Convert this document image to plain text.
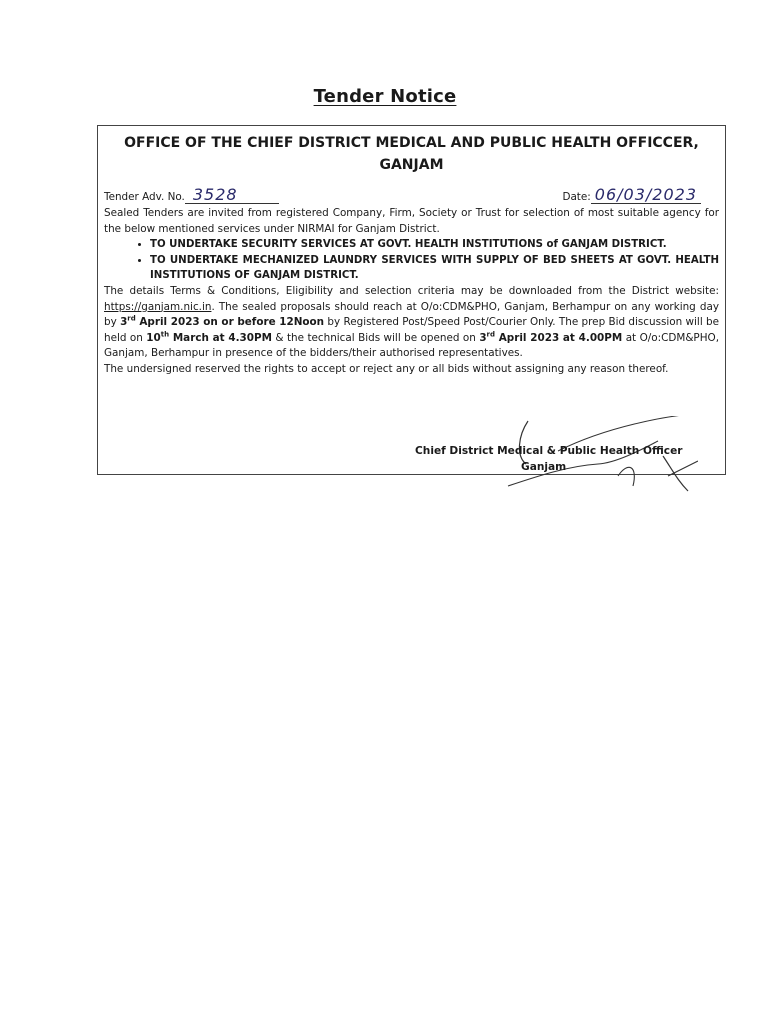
Tender Notice
OFFICE OF THE CHIEF DISTRICT MEDICAL AND PUBLIC HEALTH OFFICCER, GANJAM
Tender Adv. No. 3528	Date: 06/03/2023

Sealed Tenders are invited from registered Company, Firm, Society or Trust for selection of most suitable agency for the below mentioned services under NIRMAI for Ganjam District.

• TO UNDERTAKE SECURITY SERVICES AT GOVT. HEALTH INSTITUTIONS of GANJAM DISTRICT.
• TO UNDERTAKE MECHANIZED LAUNDRY SERVICES WITH SUPPLY OF BED SHEETS AT GOVT. HEALTH INSTITUTIONS OF GANJAM DISTRICT.

The details Terms & Conditions, Eligibility and selection criteria may be downloaded from the District website: https://ganjam.nic.in. The sealed proposals should reach at O/o:CDM&PHO, Ganjam, Berhampur on any working day by 3rd April 2023 on or before 12Noon by Registered Post/Speed Post/Courier Only. The prep Bid discussion will be held on 10th March at 4.30PM & the technical Bids will be opened on 3rd April 2023 at 4.00PM at O/o:CDM&PHO, Ganjam, Berhampur in presence of the bidders/their authorised representatives.

The undersigned reserved the rights to accept or reject any or all bids without assigning any reason thereof.

Chief District Medical & Public Health Officer
Ganjam
